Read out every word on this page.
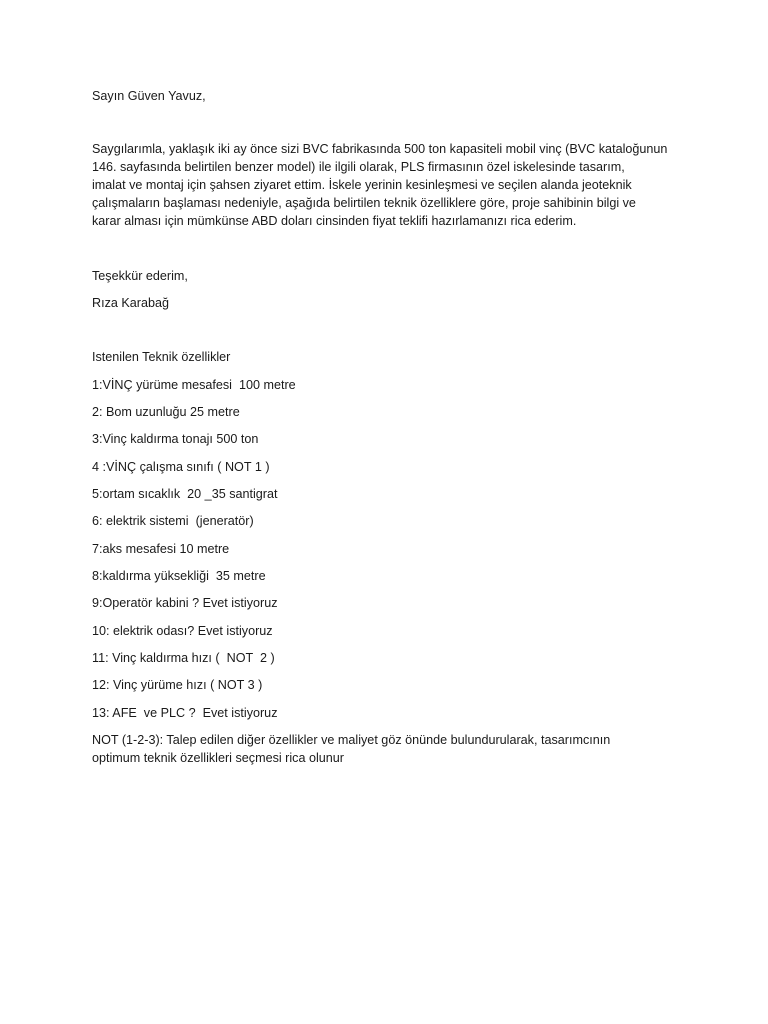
Sayın Güven Yavuz,

Saygılarımla, yaklaşık iki ay önce sizi BVC fabrikasında 500 ton kapasiteli mobil vinç (BVC kataloğunun
146. sayfasında belirtilen benzer model) ile ilgili olarak, PLS firmasının özel iskelesinde tasarım,
imalat ve montaj için şahsen ziyaret ettim. İskele yerinin kesinleşmesi ve seçilen alanda jeoteknik
çalışmaların başlaması nedeniyle, aşağıda belirtilen teknik özelliklere göre, proje sahibinin bilgi ve
karar alması için mümkünse ABD doları cinsinden fiyat teklifi hazırlamanızı rica ederim.

Teşekkür ederim,

Rıza Karabağ

Istenilen Teknik özellikler

1:VİNÇ yürüme mesafesi  100 metre

2: Bom uzunluğu 25 metre

3:Vinç kaldırma tonajı 500 ton

4 :VİNÇ çalışma sınıfı ( NOT 1 )

5:ortam sıcaklık  20 _35 santigrat

6: elektrik sistemi  (jeneratör)

7:aks mesafesi 10 metre

8:kaldırma yüksekliği  35 metre

9:Operatör kabini ? Evet istiyoruz

10: elektrik odası? Evet istiyoruz

11: Vinç kaldırma hızı (  NOT  2 )

12: Vinç yürüme hızı ( NOT 3 )

13: AFE  ve PLC ?  Evet istiyoruz

NOT (1-2-3): Talep edilen diğer özellikler ve maliyet göz önünde bulundurularak, tasarımcının
optimum teknik özellikleri seçmesi rica olunur
